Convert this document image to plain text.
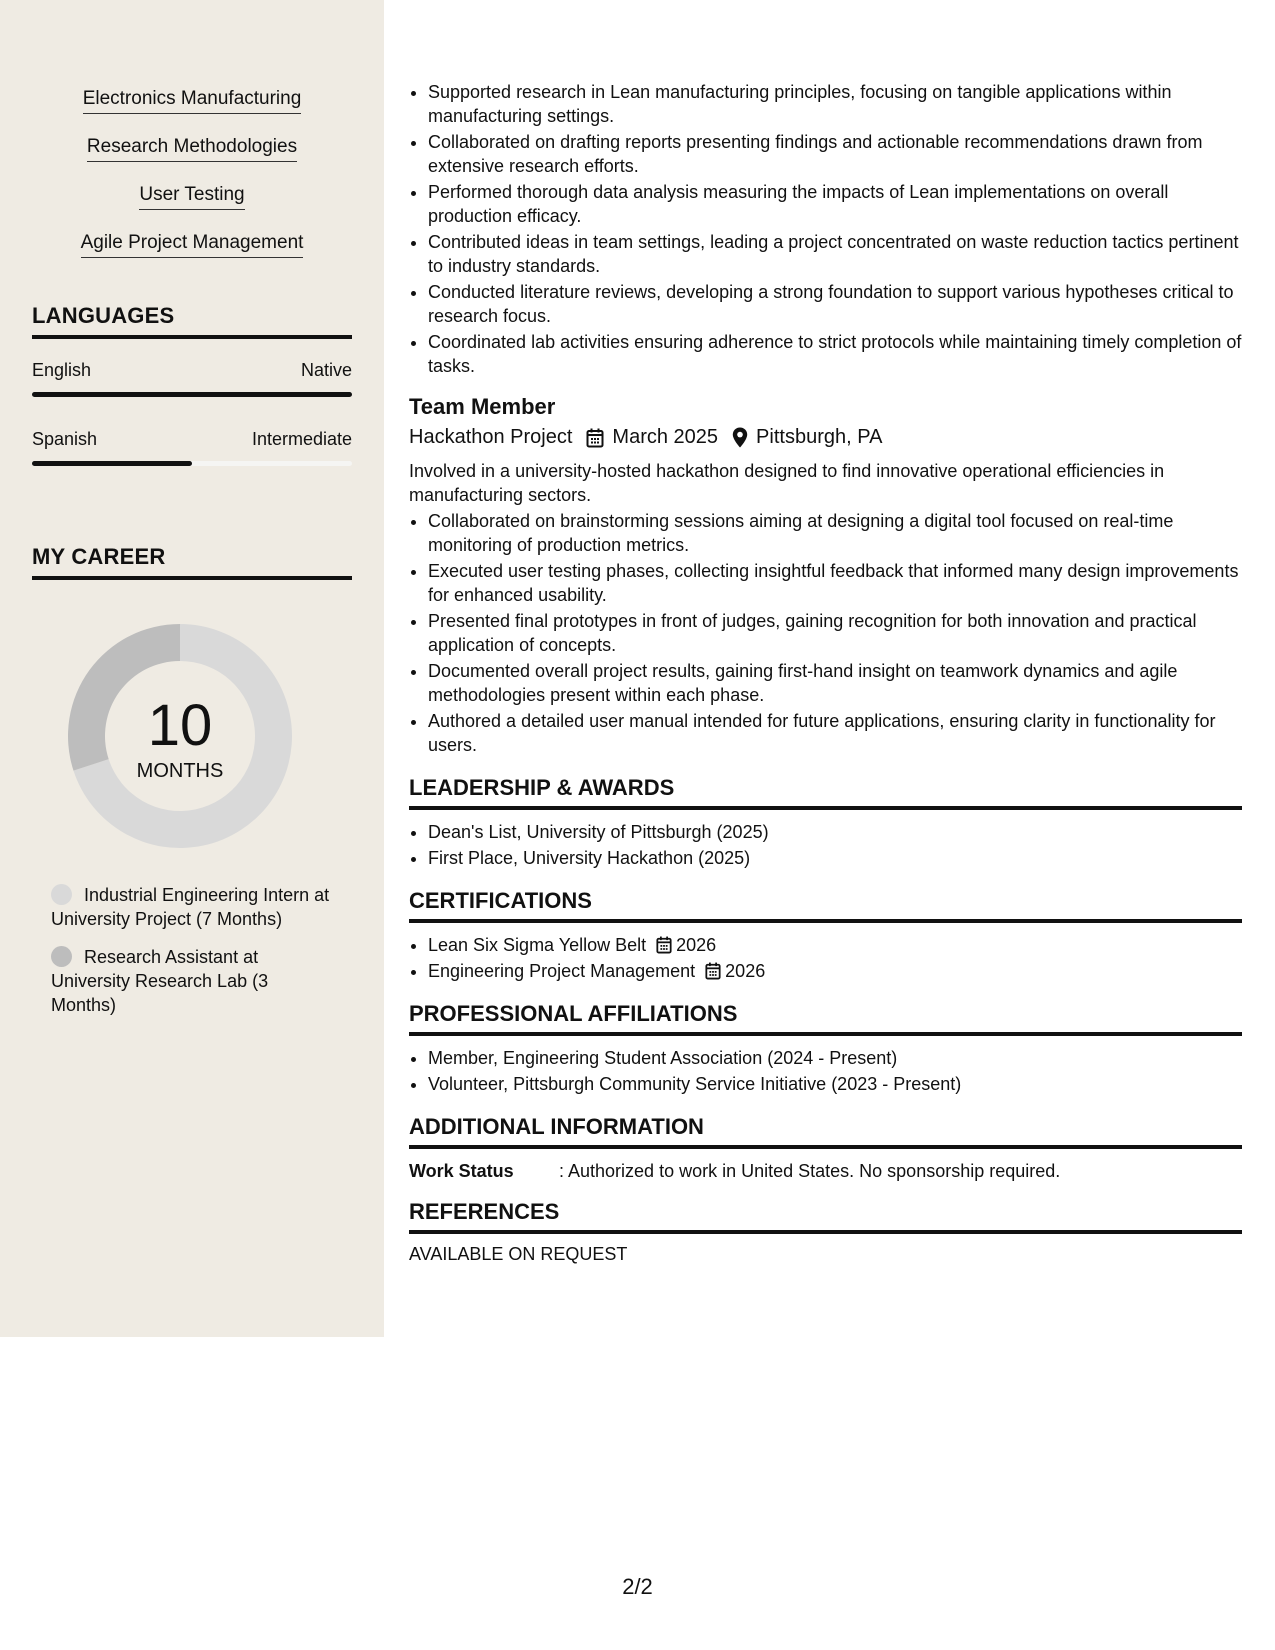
Electronics Manufacturing
Research Methodologies
User Testing
Agile Project Management
LANGUAGES
English	Native
Spanish	Intermediate
MY CAREER
10
MONTHS
Industrial Engineering Intern at University Project (7 Months)
Research Assistant at University Research Lab (3 Months)
• Supported research in Lean manufacturing principles, focusing on tangible applications within manufacturing settings.
• Collaborated on drafting reports presenting findings and actionable recommendations drawn from extensive research efforts.
• Performed thorough data analysis measuring the impacts of Lean implementations on overall production efficacy.
• Contributed ideas in team settings, leading a project concentrated on waste reduction tactics pertinent to industry standards.
• Conducted literature reviews, developing a strong foundation to support various hypotheses critical to research focus.
• Coordinated lab activities ensuring adherence to strict protocols while maintaining timely completion of tasks.
Team Member
Hackathon Project March 2025 Pittsburgh, PA
Involved in a university-hosted hackathon designed to find innovative operational efficiencies in manufacturing sectors.
• Collaborated on brainstorming sessions aiming at designing a digital tool focused on real-time monitoring of production metrics.
• Executed user testing phases, collecting insightful feedback that informed many design improvements for enhanced usability.
• Presented final prototypes in front of judges, gaining recognition for both innovation and practical application of concepts.
• Documented overall project results, gaining first-hand insight on teamwork dynamics and agile methodologies present within each phase.
• Authored a detailed user manual intended for future applications, ensuring clarity in functionality for users.
LEADERSHIP & AWARDS
• Dean's List, University of Pittsburgh (2025)
• First Place, University Hackathon (2025)
CERTIFICATIONS
• Lean Six Sigma Yellow Belt 2026
• Engineering Project Management 2026
PROFESSIONAL AFFILIATIONS
• Member, Engineering Student Association (2024 - Present)
• Volunteer, Pittsburgh Community Service Initiative (2023 - Present)
ADDITIONAL INFORMATION
Work Status	: Authorized to work in United States. No sponsorship required.
REFERENCES
AVAILABLE ON REQUEST
2/2
